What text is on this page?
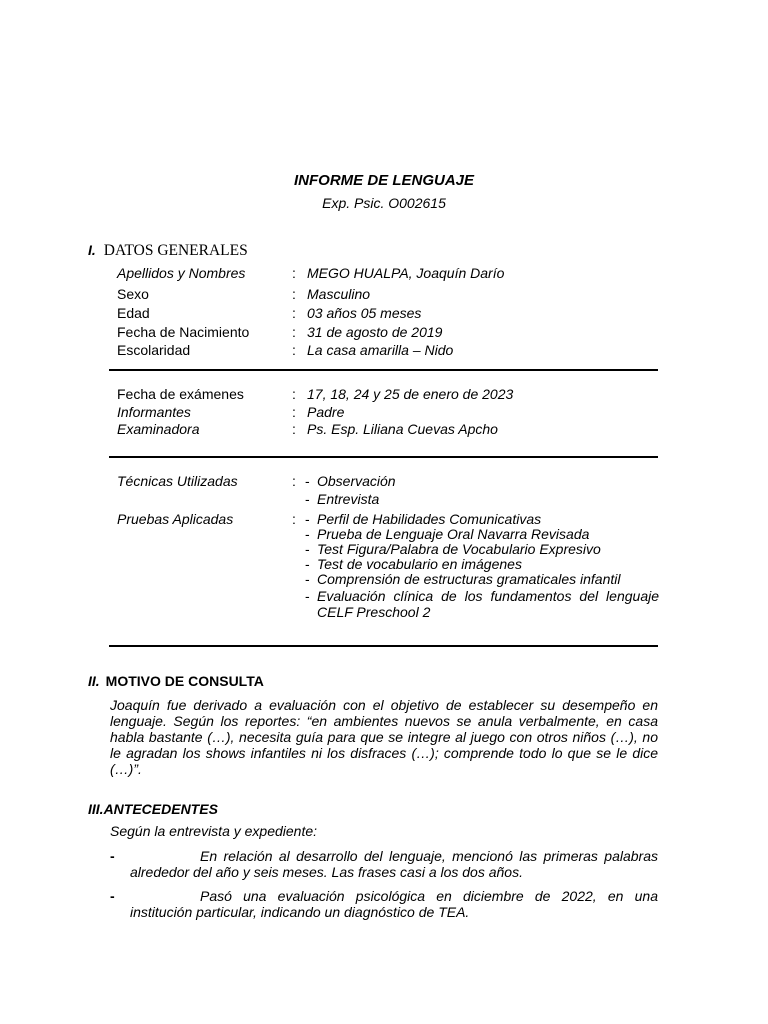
INFORME DE LENGUAJE
Exp. Psic. O002615
I. DATOS GENERALES
Apellidos y Nombres	: MEGO HUALPA, Joaquín Darío
Sexo	: Masculino
Edad	: 03 años 05 meses
Fecha de Nacimiento	: 31 de agosto de 2019
Escolaridad	: La casa amarilla – Nido
Fecha de exámenes	: 17, 18, 24 y 25 de enero de 2023
Informantes	: Padre
Examinadora	: Ps. Esp. Liliana Cuevas Apcho
Técnicas Utilizadas	: - Observación
- Entrevista
Pruebas Aplicadas	: - Perfil de Habilidades Comunicativas
- Prueba de Lenguaje Oral Navarra Revisada
- Test Figura/Palabra de Vocabulario Expresivo
- Test de vocabulario en imágenes
- Comprensión de estructuras gramaticales infantil
- Evaluación clínica de los fundamentos del lenguaje CELF Preschool 2
II. MOTIVO DE CONSULTA
Joaquín fue derivado a evaluación con el objetivo de establecer su desempeño en lenguaje. Según los reportes: “en ambientes nuevos se anula verbalmente, en casa habla bastante (…), necesita guía para que se integre al juego con otros niños (…), no le agradan los shows infantiles ni los disfraces (…); comprende todo lo que se le dice (…)”.
III.ANTECEDENTES
Según la entrevista y expediente:
-	En relación al desarrollo del lenguaje, mencionó las primeras palabras alrededor del año y seis meses. Las frases casi a los dos años.
-	Pasó una evaluación psicológica en diciembre de 2022, en una institución particular, indicando un diagnóstico de TEA.
